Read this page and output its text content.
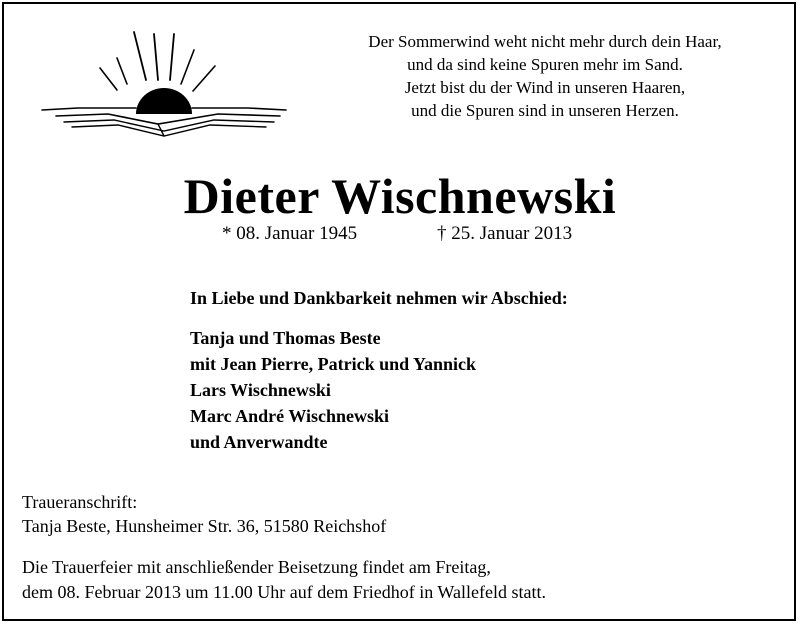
Der Sommerwind weht nicht mehr durch dein Haar,
und da sind keine Spuren mehr im Sand.
Jetzt bist du der Wind in unseren Haaren,
und die Spuren sind in unseren Herzen.
Dieter Wischnewski
* 08. Januar 1945	† 25. Januar 2013
In Liebe und Dankbarkeit nehmen wir Abschied:
Tanja und Thomas Beste
mit Jean Pierre, Patrick und Yannick
Lars Wischnewski
Marc André Wischnewski
und Anverwandte
Traueranschrift:
Tanja Beste, Hunsheimer Str. 36, 51580 Reichshof
Die Trauerfeier mit anschließender Beisetzung findet am Freitag,
dem 08. Februar 2013 um 11.00 Uhr auf dem Friedhof in Wallefeld statt.
